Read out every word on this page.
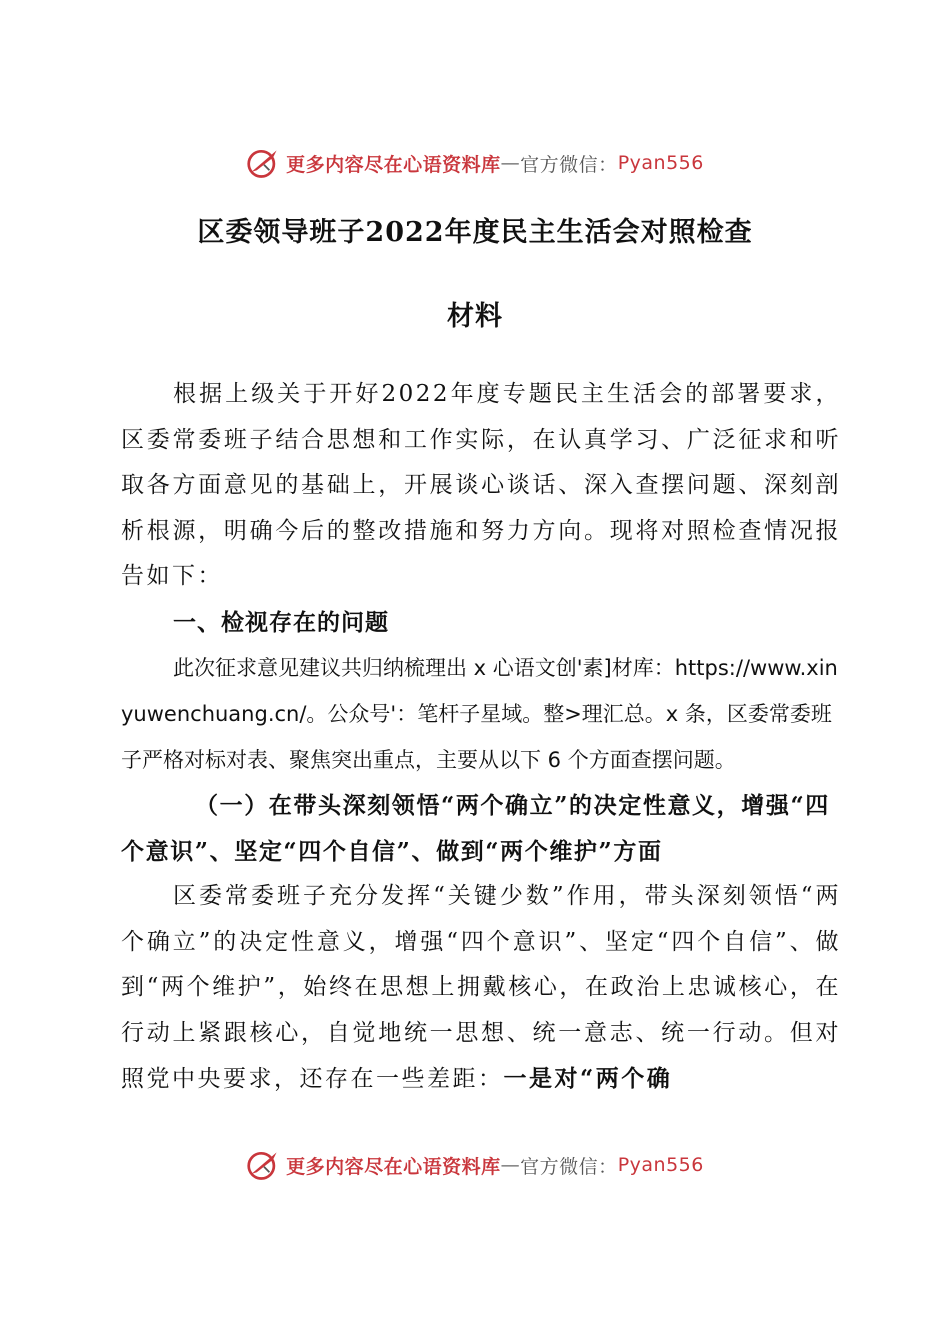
更多内容尽在心语资料库 — 官方微信： Pyan556
区委领导班子2022年度民主生活会对照检查
材料

根据上级关于开好2022年度专题民主生活会的部署要求，区委常委班子结合思想和工作实际，在认真学习、广泛征求和听取各方面意见的基础上，开展谈心谈话、深入查摆问题、深刻剖析根源，明确今后的整改措施和努力方向。现将对照检查情况报告如下：

一、检视存在的问题

此次征求意见建议共归纳梳理出 x 心语文创'素]材库：https://www.xinyuwenchuang.cn/。公众号'：笔杆子星域。整>理汇总。x 条，区委常委班子严格对标对表、聚焦突出重点，主要从以下 6 个方面查摆问题。

（一）在带头深刻领悟“两个确立”的决定性意义，增强“四个意识”、坚定“四个自信”、做到“两个维护”方面

区委常委班子充分发挥“关键少数”作用，带头深刻领悟“两个确立”的决定性意义，增强“四个意识”、坚定“四个自信”、做到“两个维护”，始终在思想上拥戴核心，在政治上忠诚核心，在行动上紧跟核心，自觉地统一思想、统一意志、统一行动。但对照党中央要求，还存在一些差距：一是对“两个确

更多内容尽在心语资料库 — 官方微信： Pyan556
